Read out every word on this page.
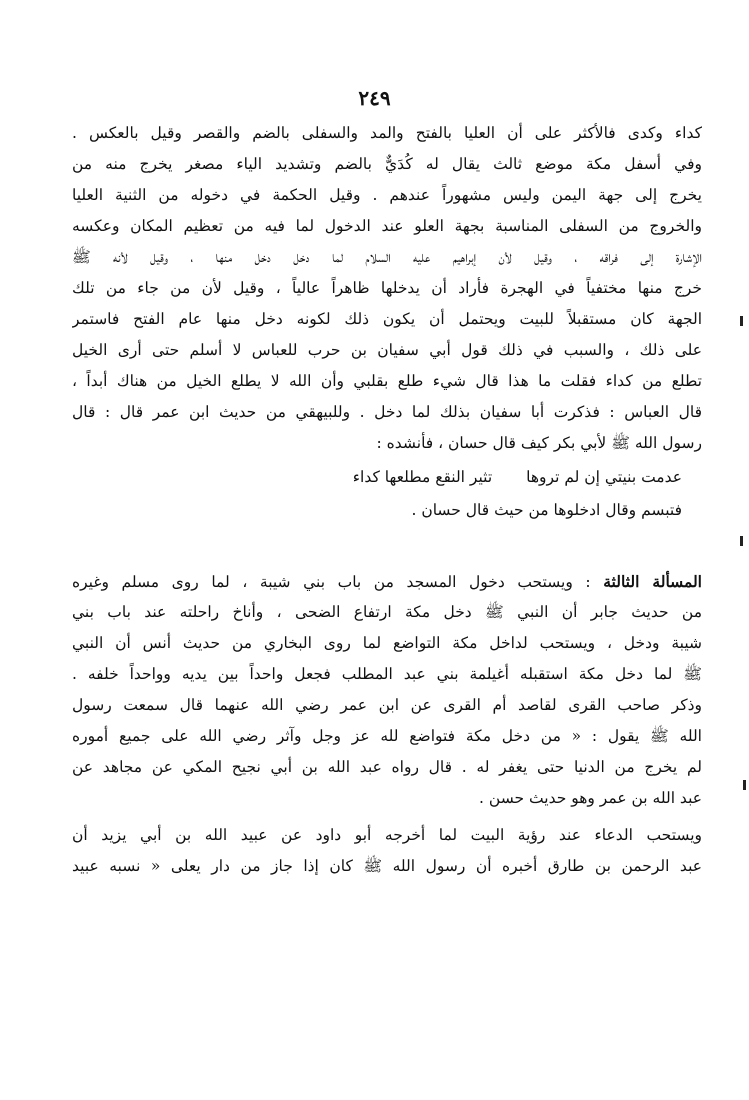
٢٤٩
كداء وكدى فالأكثر على أن العليا بالفتح والمد والسفلى بالضم والقصر وقيل بالعكس .
وفي أسفل مكة موضع ثالث يقال له كُدَيٌّ بالضم وتشديد الياء مصغر يخرج منه من
يخرج إلى جهة اليمن وليس مشهوراً عندهم . وقيل الحكمة في دخوله من الثنية العليا
والخروج من السفلى المناسبة بجهة العلو عند الدخول لما فيه من تعظيم المكان وعكسه
الإشارة إلى فراقه ، وقيل لأن إبراهيم عليه السلام لما دخل دخل منها ، وقيل لأنه ﷺ
خرج منها مختفياً في الهجرة فأراد أن يدخلها ظاهراً عالياً ، وقيل لأن من جاء من تلك
الجهة كان مستقبلاً للبيت ويحتمل أن يكون ذلك لكونه دخل منها عام الفتح فاستمر
على ذلك ، والسبب في ذلك قول أبي سفيان بن حرب للعباس لا أسلم حتى أرى الخيل
تطلع من كداء فقلت ما هذا قال شيء طلع بقلبي وأن الله لا يطلع الخيل من هناك أبداً ،
قال العباس : فذكرت أبا سفيان بذلك لما دخل . وللبيهقي من حديث ابن عمر قال : قال
رسول الله ﷺ لأبي بكر كيف قال حسان ، فأنشده :
عدمت بنيتي إن لم تروها
تثير النقع مطلعها كداء
فتبسم وقال ادخلوها من حيث قال حسان .
المسألة الثالثة : ويستحب دخول المسجد من باب بني شيبة ، لما روى مسلم وغيره
من حديث جابر أن النبي ﷺ دخل مكة ارتفاع الضحى ، وأناخ راحلته عند باب بني
شيبة ودخل ، ويستحب لداخل مكة التواضع لما روى البخاري من حديث أنس أن النبي
ﷺ لما دخل مكة استقبله أغيلمة بني عبد المطلب فجعل واحداً بين يديه وواحداً خلفه .
وذكر صاحب القرى لقاصد أم القرى عن ابن عمر رضي الله عنهما قال سمعت رسول
الله ﷺ يقول : « من دخل مكة فتواضع لله عز وجل وآثر رضي الله على جميع أموره
لم يخرج من الدنيا حتى يغفر له . قال رواه عبد الله بن أبي نجيح المكي عن مجاهد عن
عبد الله بن عمر وهو حديث حسن .
ويستحب الدعاء عند رؤية البيت لما أخرجه أبو داود عن عبيد الله بن أبي يزيد أن
عبد الرحمن بن طارق أخبره أن رسول الله ﷺ كان إذا جاز من دار يعلى « نسبه عبيد
